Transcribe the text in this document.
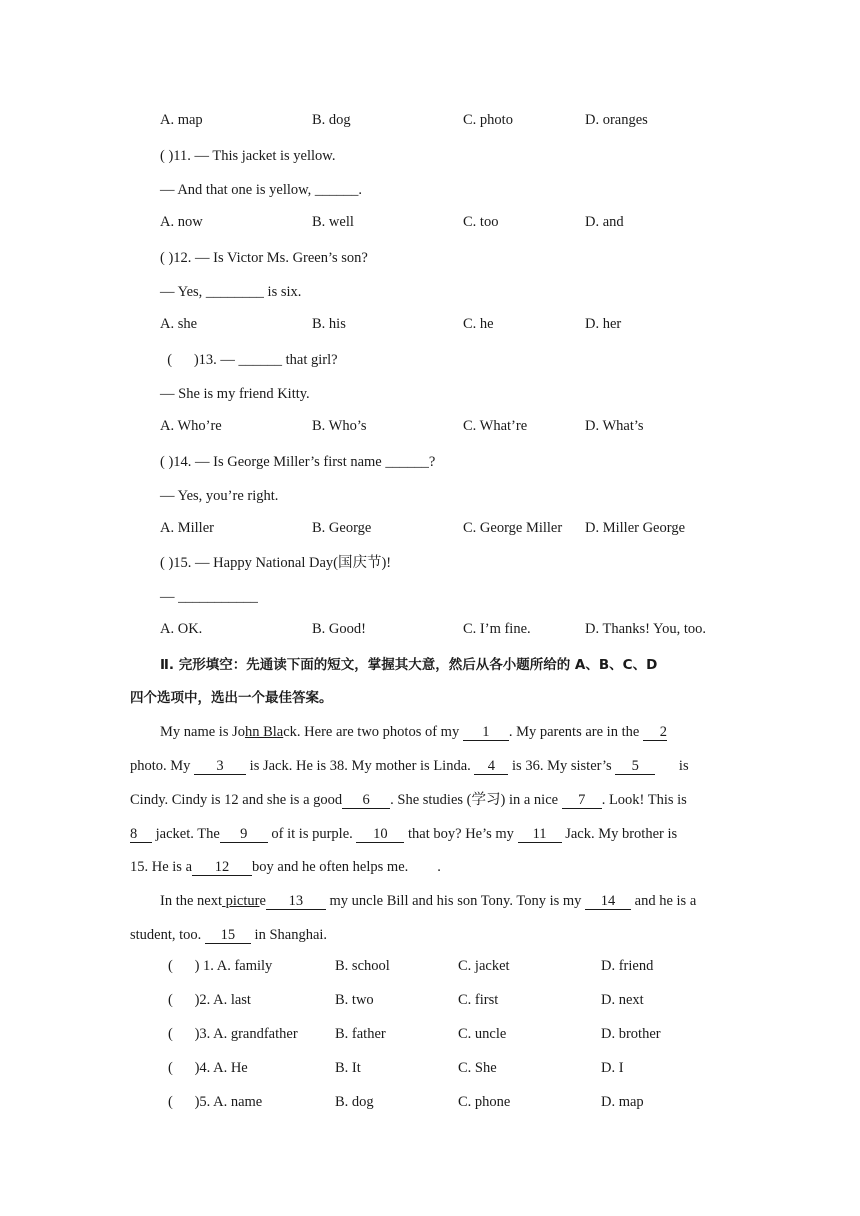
A. map	B. dog	C. photo	D. oranges
( )11. — This jacket is yellow.
— And that one is yellow, ______.
A. now	B. well	C. too	D. and
( )12. — Is Victor Ms. Green’s son?
— Yes, ________ is six.
A. she	B. his	C. he	D. her
(      )13. — ______ that girl?
— She is my friend Kitty.
A. Who’re	B. Who’s	C. What’re	D. What’s
( )14. — Is George Miller’s first name ______?
— Yes, you’re right.
A. Miller	B. George	C. George Miller D. Miller George
( )15. — Happy National Day(国庆节)!
— ___________
A. OK.	B. Good!	C. I’m fine.	D. Thanks! You, too.
Ⅱ. 完形填空：先通读下面的短文，掌握其大意，然后从各小题所给的 A、B、C、D
四个选项中，选出一个最佳答案。
My name is John Black. Here are two photos of my 1 . My parents are in the 2
photo. My 3 is Jack. He is 38. My mother is Linda. 4 is 36. My sister’s 5	is
Cindy. Cindy is 12 and she is a good 6 . She studies (学习) in a nice 7 . Look! This is
8 jacket. The 9 of it is purple. 10 that boy? He’s my 11 Jack. My brother is
15. He is a 12 boy and he often helps me.        .
In the next picture 13 my uncle Bill and his son Tony. Tony is my 14 and he is a
student, too. 15 in Shanghai.
(      ) 1. A. family	B. school	C. jacket	D. friend
(      )2. A. last	B. two	C. first	D. next
(      )3. A. grandfather	B. father	C. uncle	D. brother
(      )4. A. He	B. It	C. She	D. I
(      )5. A. name	B. dog	C. phone	D. map
